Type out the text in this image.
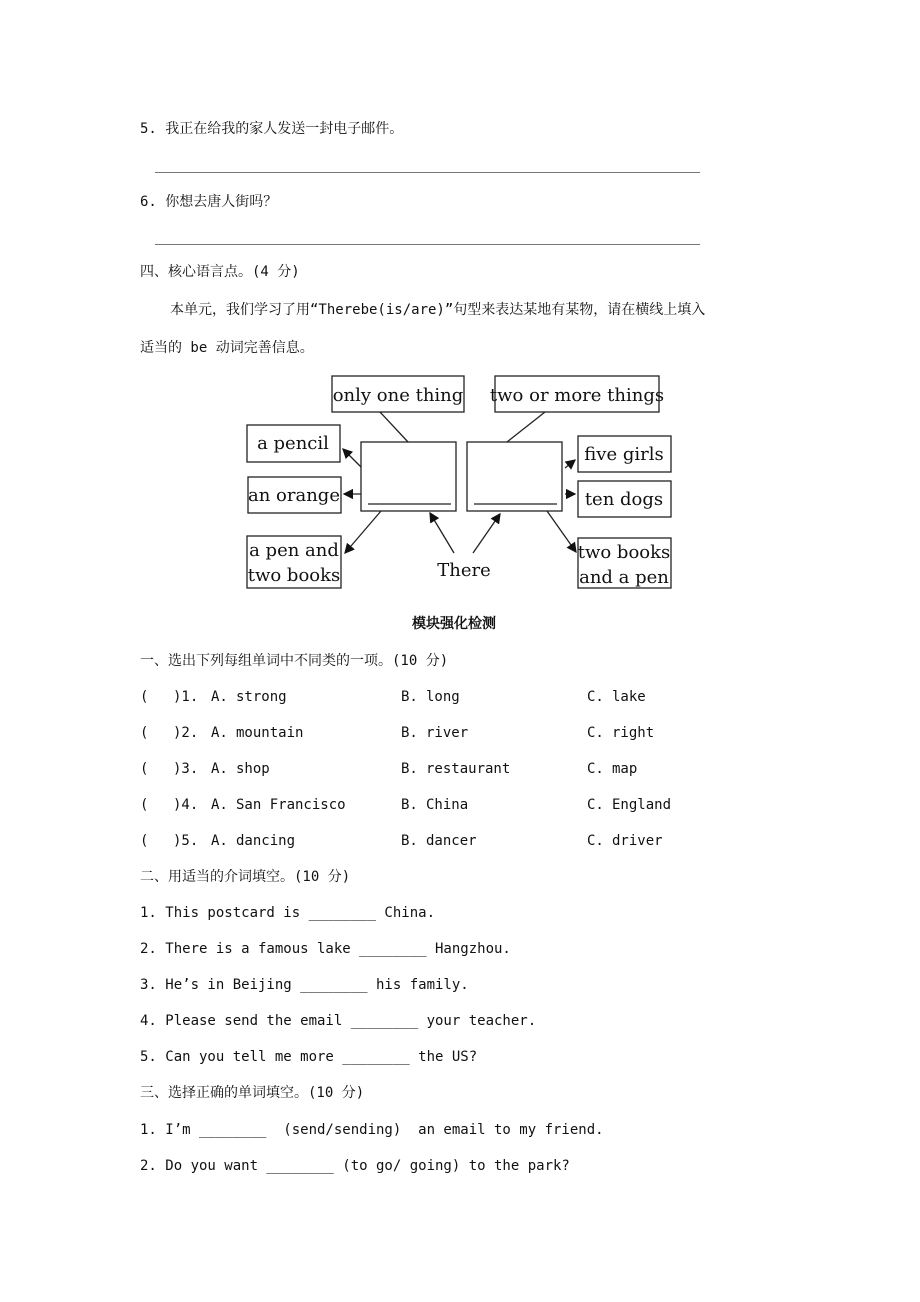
5. 我正在给我的家人发送一封电子邮件。
6. 你想去唐人街吗？
四、核心语言点。(4 分)
本单元，我们学习了用“Therebe(is/are)”句型来表达某地有某物，请在横线上填入
适当的 be 动词完善信息。
only one thing two or more things
a pencil
an orange
a pen and
two books
five girls
ten dogs
two books
and a pen
There
模块强化检测
一、选出下列每组单词中不同类的一项。(10 分)
( )1. A. strong	B. long	C. lake
( )2. A. mountain	B. river	C. right
( )3. A. shop	B. restaurant	C. map
( )4. A. San Francisco	B. China	C. England
( )5. A. dancing	B. dancer	C. driver
二、用适当的介词填空。(10 分)
1. This postcard is ________ China.
2. There is a famous lake ________ Hangzhou.
3. He’s in Beijing ________ his family.
4. Please send the email ________ your teacher.
5. Can you tell me more ________ the US?
三、选择正确的单词填空。(10 分)
1. I’m ________  (send/sending)  an email to my friend.
2. Do you want ________ (to go/ going) to the park?
